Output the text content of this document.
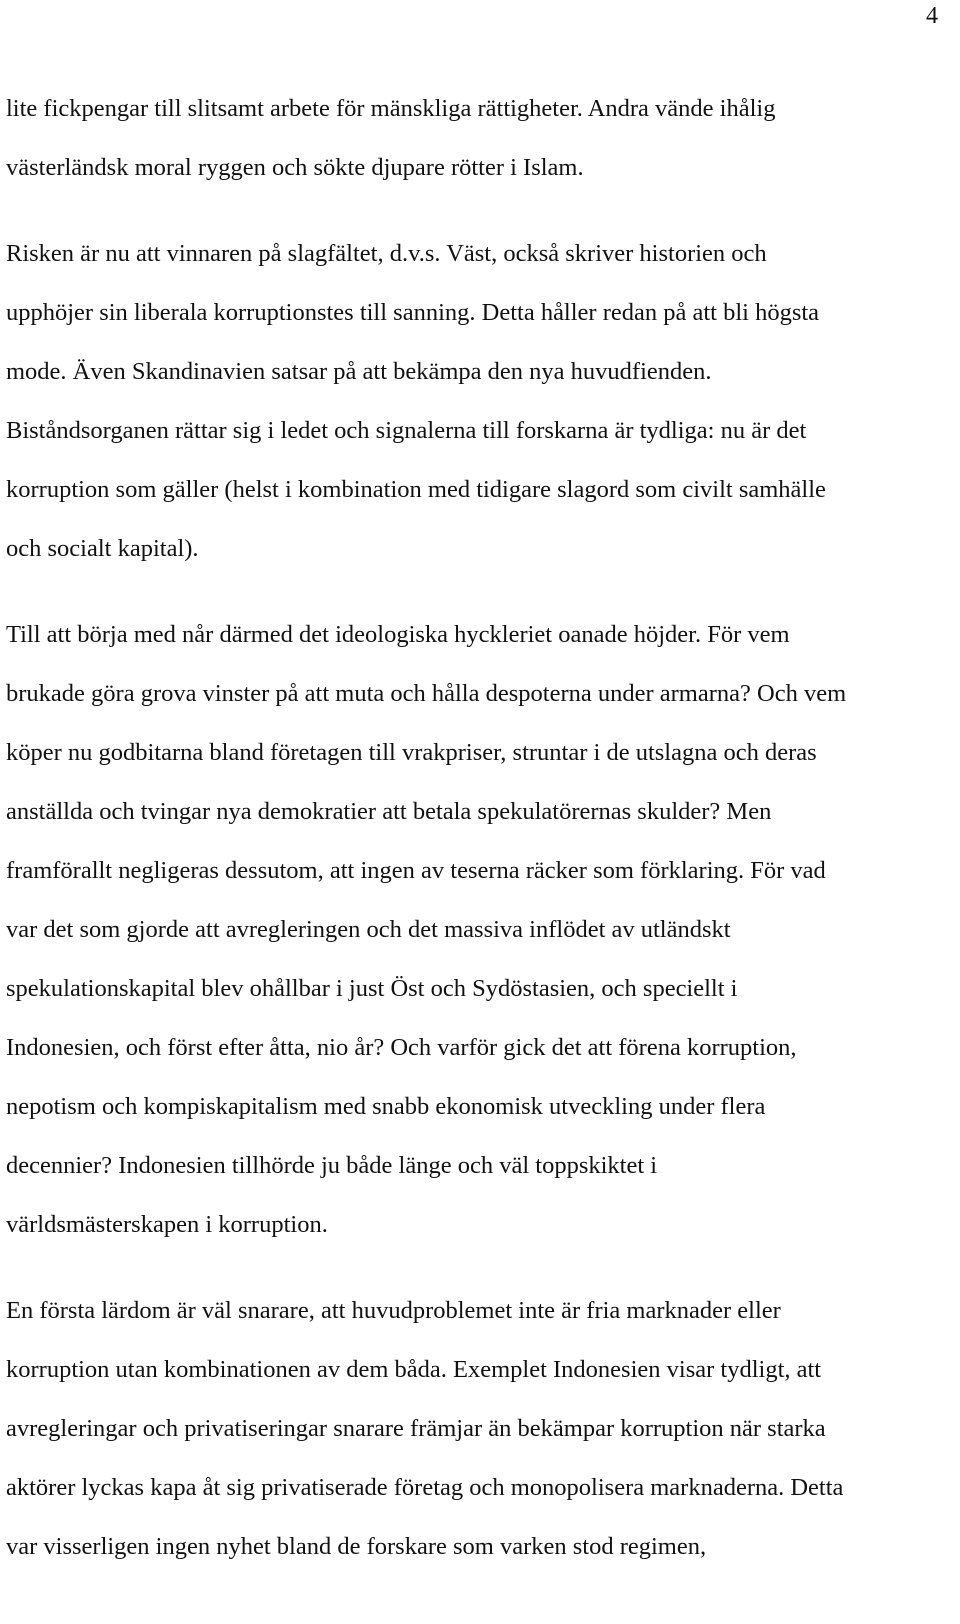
4
lite fickpengar till slitsamt arbete för mänskliga rättigheter. Andra vände ihålig
västerländsk moral ryggen och sökte djupare rötter i Islam.
Risken är nu att vinnaren på slagfältet, d.v.s. Väst, också skriver historien och
upphöjer sin liberala korruptionstes till sanning. Detta håller redan på att bli högsta
mode. Även Skandinavien satsar på att bekämpa den nya huvudfienden.
Biståndsorganen rättar sig i ledet och signalerna till forskarna är tydliga: nu är det
korruption som gäller (helst i kombination med tidigare slagord som civilt samhälle
och socialt kapital).
Till att börja med når därmed det ideologiska hyckleriet oanade höjder. För vem
brukade göra grova vinster på att muta och hålla despoterna under armarna? Och vem
köper nu godbitarna bland företagen till vrakpriser, struntar i de utslagna och deras
anställda och tvingar nya demokratier att betala spekulatörernas skulder? Men
framförallt negligeras dessutom, att ingen av teserna räcker som förklaring. För vad
var det som gjorde att avregleringen och det massiva inflödet av utländskt
spekulationskapital blev ohållbar i just Öst och Sydöstasien, och speciellt i
Indonesien, och först efter åtta, nio år? Och varför gick det att förena korruption,
nepotism och kompiskapitalism med snabb ekonomisk utveckling under flera
decennier? Indonesien tillhörde ju både länge och väl toppskiktet i
världsmästerskapen i korruption.
En första lärdom är väl snarare, att huvudproblemet inte är fria marknader eller
korruption utan kombinationen av dem båda. Exemplet Indonesien visar tydligt, att
avregleringar och privatiseringar snarare främjar än bekämpar korruption när starka
aktörer lyckas kapa åt sig privatiserade företag och monopolisera marknaderna. Detta
var visserligen ingen nyhet bland de forskare som varken stod regimen,
